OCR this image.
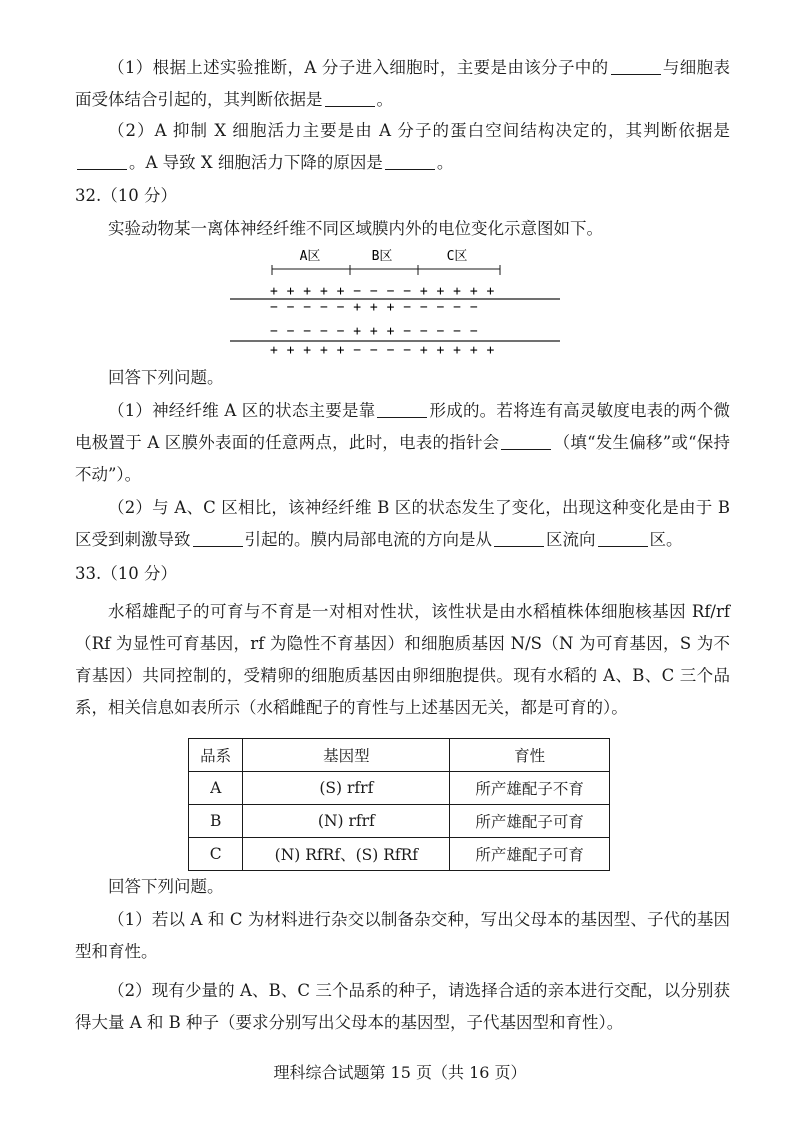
（1）根据上述实验推断，A 分子进入细胞时，主要是由该分子中的	与细胞表面受体结合引起的，其判断依据是	。

（2）A 抑制 X 细胞活力主要是由 A 分子的蛋白空间结构决定的，其判断依据是。A 导致 X 细胞活力下降的原因是	。

32.（10 分）

实验动物某一离体神经纤维不同区域膜内外的电位变化示意图如下。

A区	B区	C区
+ + + + + − − − − + + + + +
− − − − − + + + − − − − −
− − − − − + + + − − − − −
+ + + + + − − − − + + + + +

回答下列问题。

（1）神经纤维 A 区的状态主要是靠	形成的。若将连有高灵敏度电表的两个微电极置于 A 区膜外表面的任意两点，此时，电表的指针会	（填“发生偏移”或“保持不动”）。

（2）与 A、C 区相比，该神经纤维 B 区的状态发生了变化，出现这种变化是由于 B 区受到刺激导致	引起的。膜内局部电流的方向是从	区流向	区。

33.（10 分）

水稻雄配子的可育与不育是一对相对性状，该性状是由水稻植株体细胞核基因 Rf/rf（Rf 为显性可育基因，rf 为隐性不育基因）和细胞质基因 N/S（N 为可育基因，S 为不育基因）共同控制的，受精卵的细胞质基因由卵细胞提供。现有水稻的 A、B、C 三个品系，相关信息如表所示（水稻雌配子的育性与上述基因无关，都是可育的）。

品系	基因型	育性
A	(S) rfrf	所产雄配子不育
B	(N) rfrf	所产雄配子可育
C	(N) RfRf、(S) RfRf	所产雄配子可育

回答下列问题。

（1）若以 A 和 C 为材料进行杂交以制备杂交种，写出父母本的基因型、子代的基因型和育性。

（2）现有少量的 A、B、C 三个品系的种子，请选择合适的亲本进行交配，以分别获得大量 A 和 B 种子（要求分别写出父母本的基因型，子代基因型和育性）。

理科综合试题第 15 页（共 16 页）
